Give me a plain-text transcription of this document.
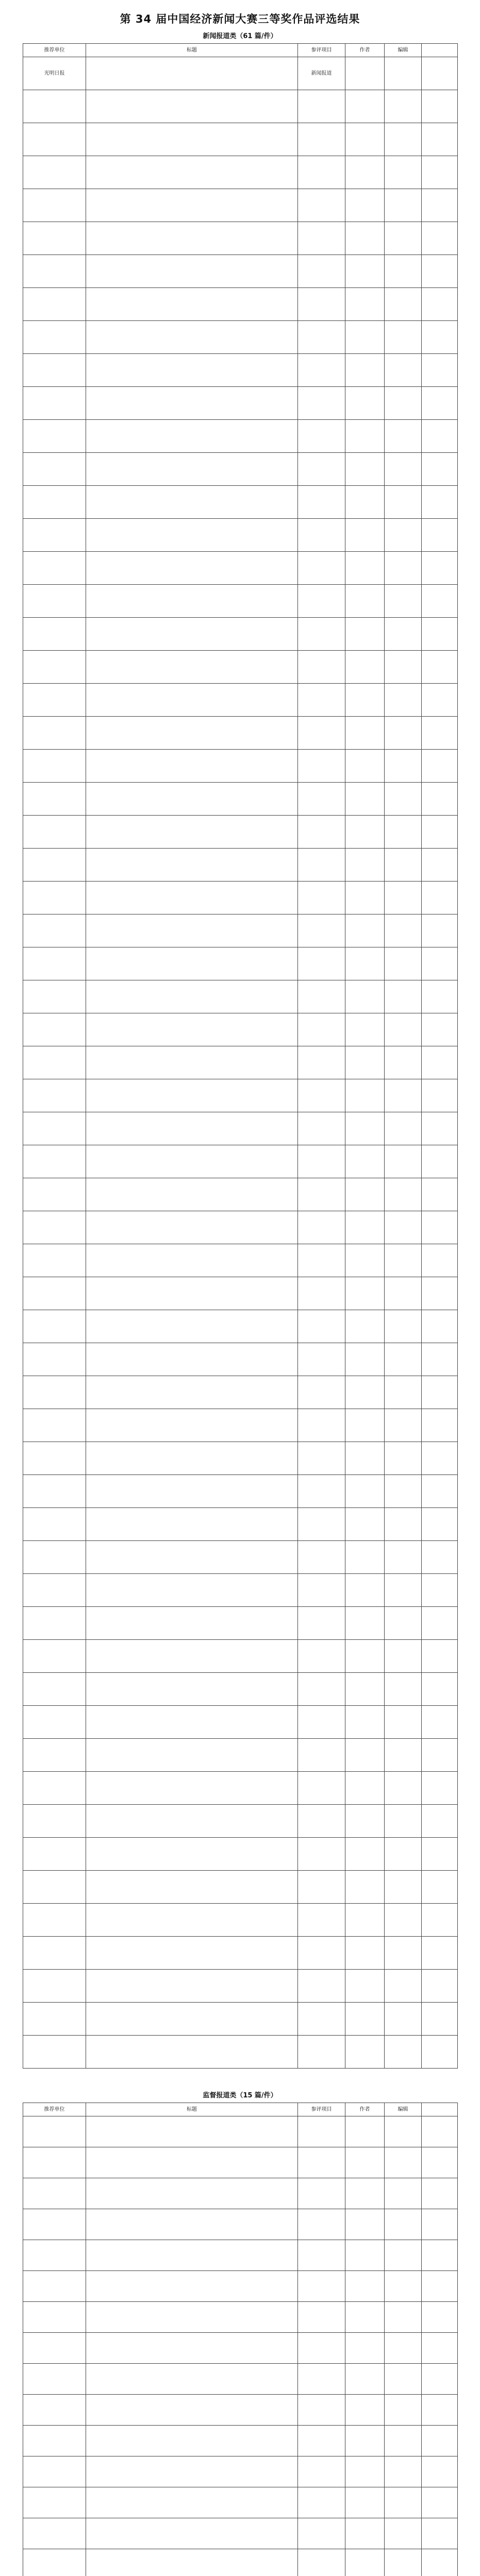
第 34 届中国经济新闻大赛三等奖作品评选结果
新闻报道类（61 篇/件）
推荐单位	标题	参评项目	作者	编辑	
光明日报		新闻报道			

监督报道类（15 篇/件）
推荐单位	标题	参评项目	作者	编辑	
